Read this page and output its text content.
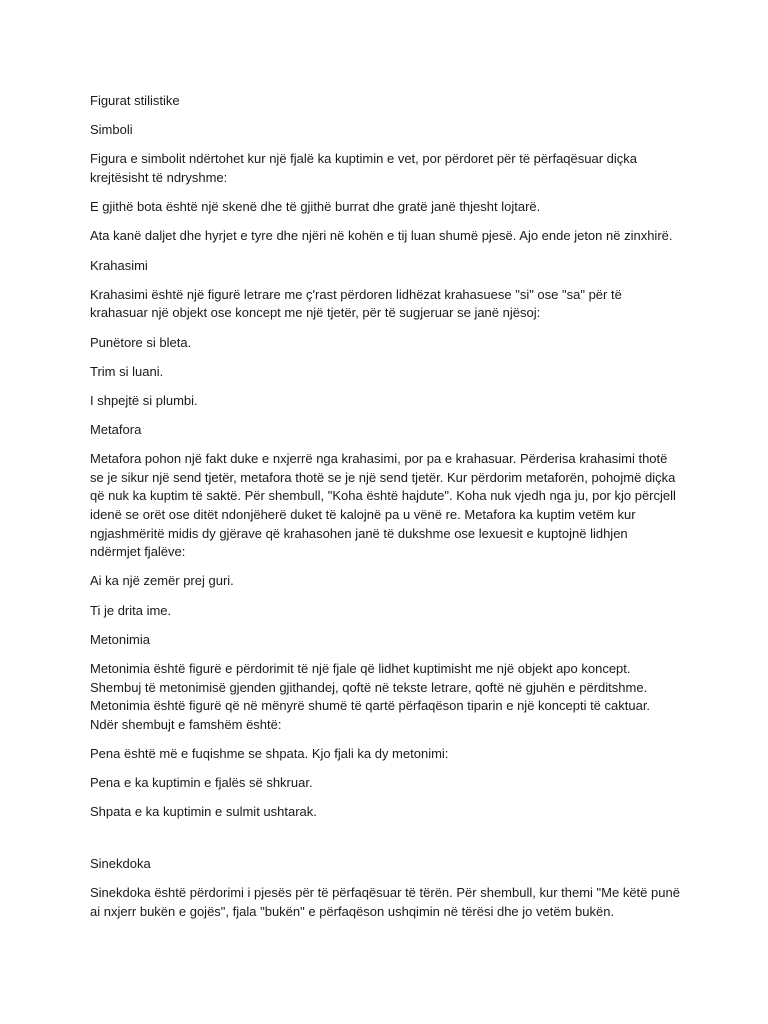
Figurat stilistike

Simboli

Figura e simbolit ndërtohet kur një fjalë ka kuptimin e vet, por përdoret për të përfaqësuar diçka krejtësisht të ndryshme:

E gjithë bota është një skenë dhe të gjithë burrat dhe gratë janë thjesht lojtarë.

Ata kanë daljet dhe hyrjet e tyre dhe njëri në kohën e tij luan shumë pjesë. Ajo ende jeton në zinxhirë.

Krahasimi

Krahasimi është një figurë letrare me ç'rast përdoren lidhëzat krahasuese "si" ose "sa" për të krahasuar një objekt ose koncept me një tjetër, për të sugjeruar se janë njësoj:

Punëtore si bleta.

Trim si luani.

I shpejtë si plumbi.

Metafora

Metafora pohon një fakt duke e nxjerrë nga krahasimi, por pa e krahasuar. Përderisa krahasimi thotë se je sikur një send tjetër, metafora thotë se je një send tjetër. Kur përdorim metaforën, pohojmë diçka që nuk ka kuptim të saktë. Për shembull, "Koha është hajdute". Koha nuk vjedh nga ju, por kjo përcjell idenë se orët ose ditët ndonjëherë duket të kalojnë pa u vënë re. Metafora ka kuptim vetëm kur ngjashmëritë midis dy gjërave që krahasohen janë të dukshme ose lexuesit e kuptojnë lidhjen ndërmjet fjalëve:

Ai ka një zemër prej guri.

Ti je drita ime.

Metonimia

Metonimia është figurë e përdorimit të një fjale që lidhet kuptimisht me një objekt apo koncept. Shembuj të metonimisë gjenden gjithandej, qoftë në tekste letrare, qoftë në gjuhën e përditshme. Metonimia është figurë që në mënyrë shumë të qartë përfaqëson tiparin e një koncepti të caktuar. Ndër shembujt e famshëm është:

Pena është më e fuqishme se shpata. Kjo fjali ka dy metonimi:

Pena e ka kuptimin e fjalës së shkruar.

Shpata e ka kuptimin e sulmit ushtarak.

Sinekdoka

Sinekdoka është përdorimi i pjesës për të përfaqësuar të tërën. Për shembull, kur themi "Me këtë punë ai nxjerr bukën e gojës", fjala "bukën" e përfaqëson ushqimin në tërësi dhe jo vetëm bukën.
